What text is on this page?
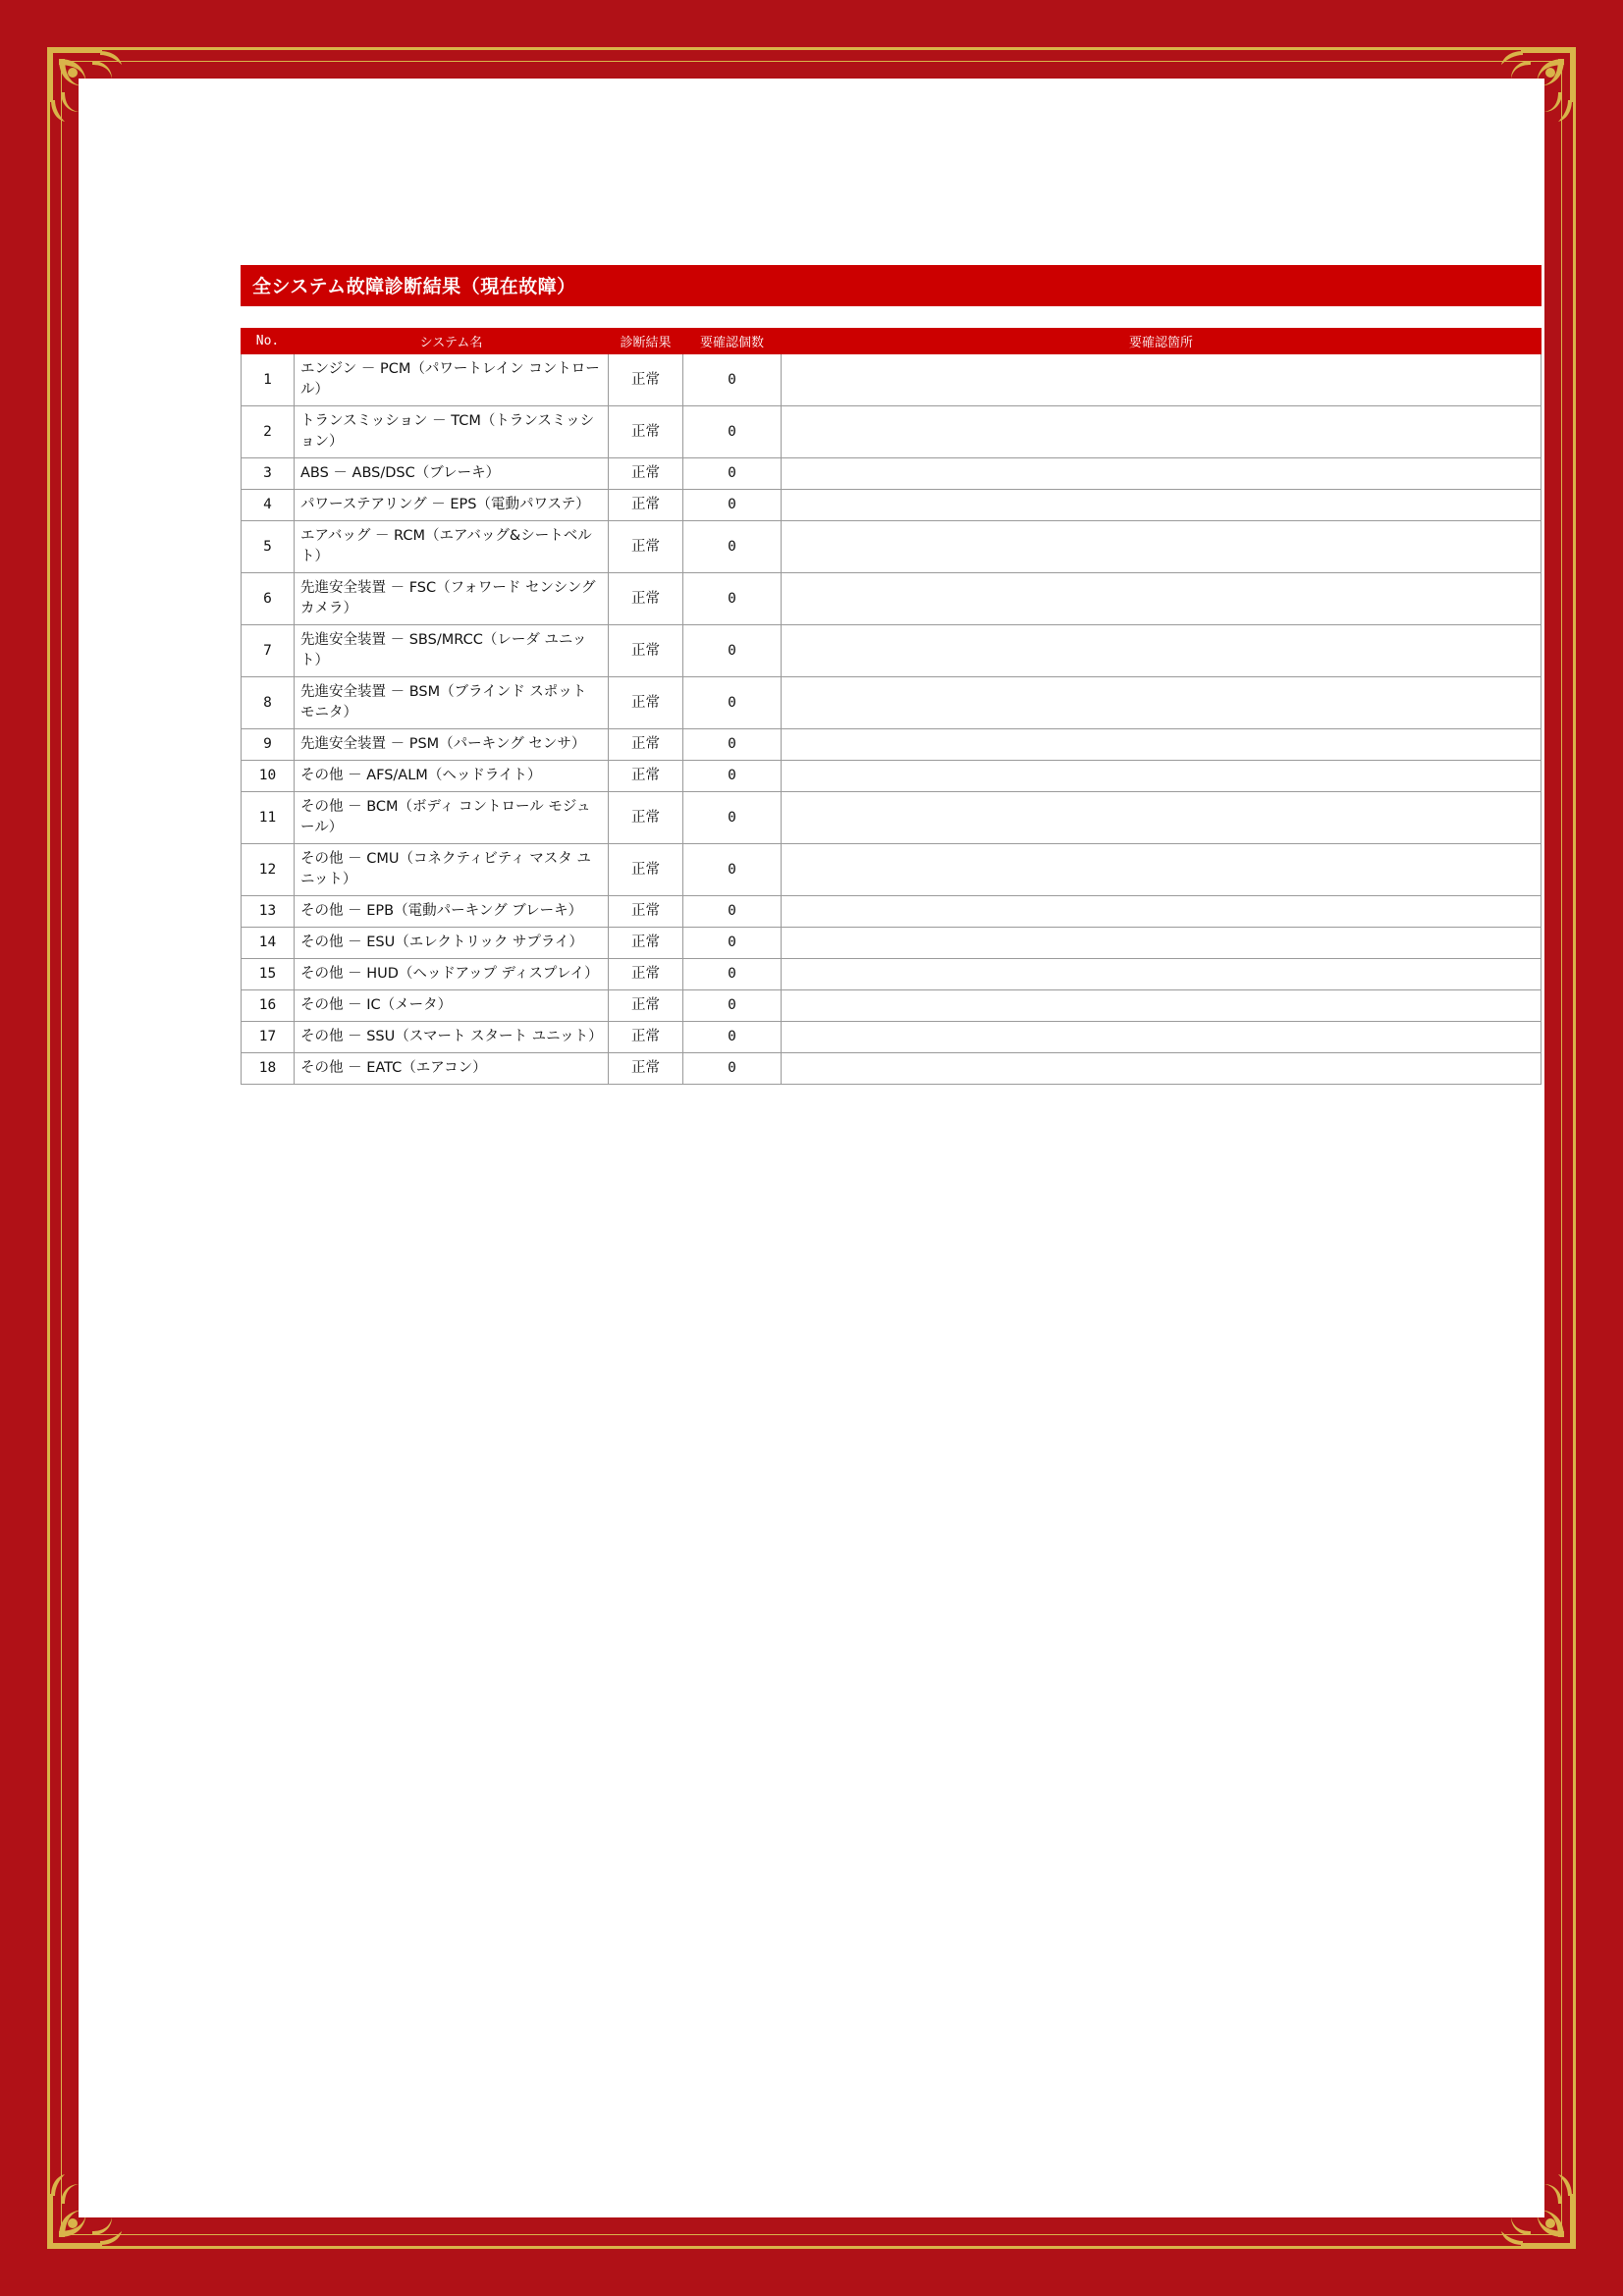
全システム故障診断結果（現在故障）
No.	システム名	診断結果	要確認個数	要確認箇所
1	エンジン － PCM（パワートレイン コントロール）	正常	0	
2	トランスミッション － TCM（トランスミッション）	正常	0	
3	ABS － ABS/DSC（ブレーキ）	正常	0	
4	パワーステアリング － EPS（電動パワステ）	正常	0	
5	エアバッグ － RCM（エアバッグ&シートベルト）	正常	0	
6	先進安全装置 － FSC（フォワード センシング カメラ）	正常	0	
7	先進安全装置 － SBS/MRCC（レーダ ユニット）	正常	0	
8	先進安全装置 － BSM（ブラインド スポット モニタ）	正常	0	
9	先進安全装置 － PSM（パーキング センサ）	正常	0	
10	その他 － AFS/ALM（ヘッドライト）	正常	0	
11	その他 － BCM（ボディ コントロール モジュール）	正常	0	
12	その他 － CMU（コネクティビティ マスタ ユニット）	正常	0	
13	その他 － EPB（電動パーキング ブレーキ）	正常	0	
14	その他 － ESU（エレクトリック サプライ）	正常	0	
15	その他 － HUD（ヘッドアップ ディスプレイ）	正常	0	
16	その他 － IC（メータ）	正常	0	
17	その他 － SSU（スマート スタート ユニット）	正常	0	
18	その他 － EATC（エアコン）	正常	0	
